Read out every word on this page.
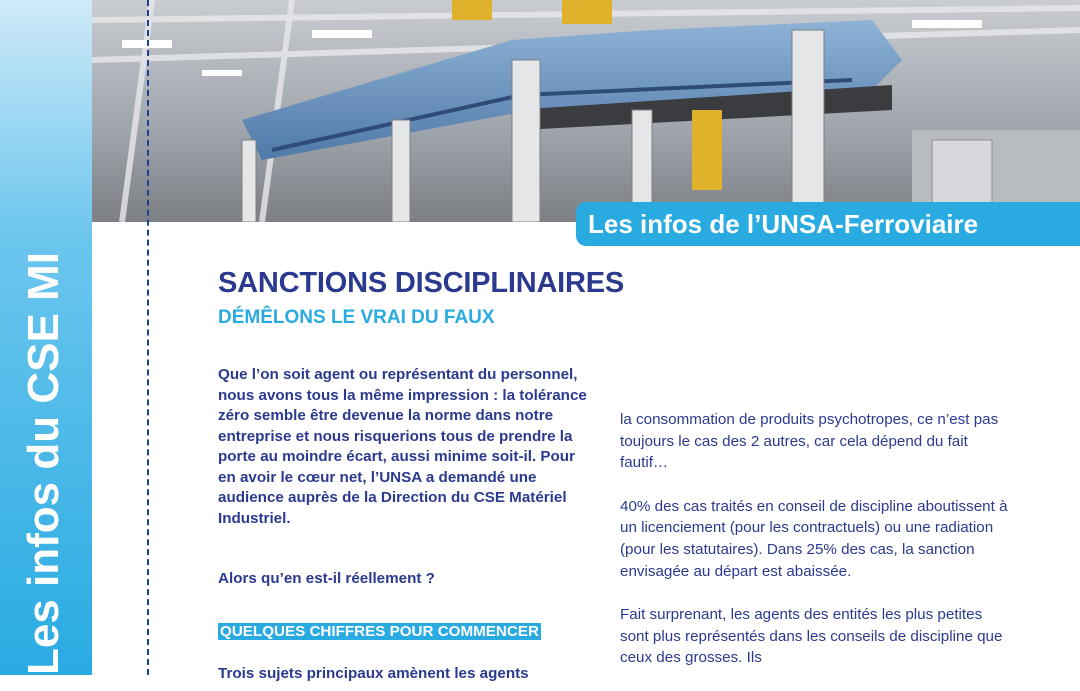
Les infos du CSE MI
Les infos de l’UNSA-Ferroviaire
SANCTIONS DISCIPLINAIRES
DÉMÊLONS LE VRAI DU FAUX

Que l’on soit agent ou représentant du personnel, nous avons tous la même impression : la tolérance zéro semble être devenue la norme dans notre entreprise et nous risquerions tous de prendre la porte au moindre écart, aussi minime soit-il. Pour en avoir le cœur net, l’UNSA a demandé une audience auprès de la Direction du CSE Matériel Industriel.

Alors qu’en est-il réellement ?

QUELQUES CHIFFRES POUR COMMENCER

Trois sujets principaux amènent les agents

la consommation de produits psychotropes, ce n’est pas toujours le cas des 2 autres, car cela dépend du fait fautif…

40% des cas traités en conseil de discipline aboutissent à un licenciement (pour les contractuels) ou une radiation (pour les statutaires). Dans 25% des cas, la sanction envisagée au départ est abaissée.

Fait surprenant, les agents des entités les plus petites sont plus représentés dans les conseils de discipline que ceux des grosses. Ils
